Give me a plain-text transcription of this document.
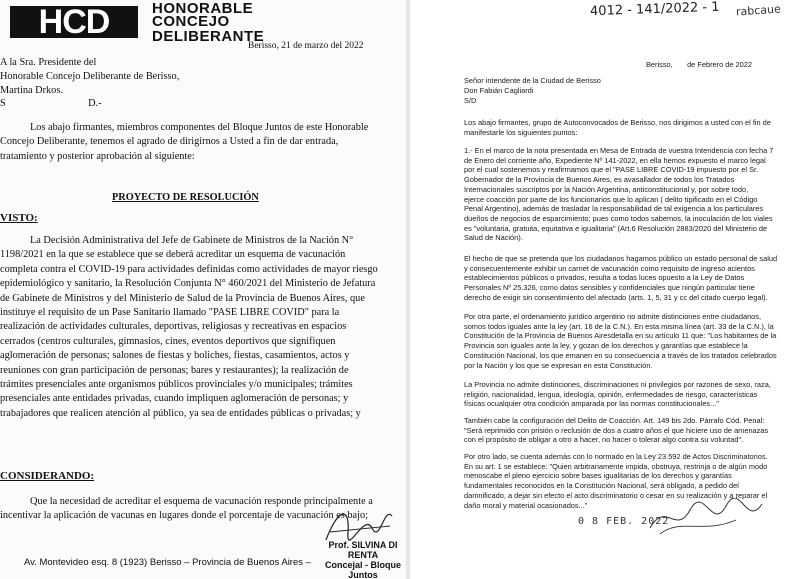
HCD	HONORABLE
CONCEJO
DELIBERANTE
Berisso, 21 de marzo del 2022
A la Sra. Presidente del
Honorable Concejo Deliberante de Berisso,
Martina Drkos.
S                                D.-
Los abajo firmantes, miembros componentes del Bloque Juntos de este Honorable
Concejo Deliberante, tenemos el agrado de dirigirnos a Usted a fin de dar entrada,
tratamiento y posterior aprobación al siguiente:
PROYECTO DE RESOLUCIÓN
VISTO:
La Decisión Administrativa del Jefe de Gabinete de Ministros de la Nación N°
1198/2021 en la que se establece que se deberá acreditar un esquema de vacunación
completa contra el COVID-19 para actividades definidas como actividades de mayor riesgo
epidemiológico y sanitario, la Resolución Conjunta N° 460/2021 del Ministerio de Jefatura
de Gabinete de Ministros y del Ministerio de Salud de la Provincia de Buenos Aires, que
instituye el requisito de un Pase Sanitario llamado "PASE LIBRE COVID" para la
realización de actividades culturales, deportivas, religiosas y recreativas en espacios
cerrados (centros culturales, gimnasios, cines, eventos deportivos que signifiquen
aglomeración de personas; salones de fiestas y boliches, fiestas, casamientos, actos y
reuniones con gran participación de personas; bares y restaurantes); la realización de
trámites presenciales ante organismos públicos provinciales y/o municipales; trámites
presenciales ante entidades privadas, cuando impliquen aglomeración de personas; y
trabajadores que realicen atención al público, ya sea de entidades públicas o privadas; y
CONSIDERANDO:
Que la necesidad de acreditar el esquema de vacunación responde principalmente a
incentivar la aplicación de vacunas en lugares donde el porcentaje de vacunación es bajo;
Prof. SILVINA DI RENTA
Concejal - Bloque Juntos
Av. Montevideo esq. 8 (1923) Berisso – Provincia de Buenos Aires –
4012 - 141/2022 - 1 rabcaue
Berisso,       de Febrero de 2022
Señor intendente de la Ciudad de Berisso
Don Fabián Cagliardi
S/D
Los abajo firmantes, grupo de Autoconvocados de Berisso, nos dirigimos a usted con el fin de
manifestarle los siguientes puntos:
1.- En el marco de la nota presentada en Mesa de Entrada de vuestra Intendencia con fecha 7
de Enero del corriente año, Expediente Nº 141-2022, en ella hemos expuesto el marco legal
por el cual sostenemos y reafirmamos que el "PASE LIBRE COVID-19 impuesto por el Sr.
Gobernador de la Provincia de Buenos Aires, es avasallador de todos los Tratados
Internacionales suscriptos por la Nación Argentina, anticonstitucional y, por sobre todo,
ejerce coacción por parte de los funcionarios que lo aplican ( delito tipificado en el Código
Penal Argentino), además de trasladar la responsabilidad de tal exigencia a los particulares
dueños de negocios de esparcimiento; pues como todos sabemos, la inoculación de los viales
es "voluntaria, gratuita, equitativa e igualitaria" (Art.6 Resolución 2883/2020 del Ministerio de
Salud de Nación).
El hecho de que se pretenda que los ciudadanos hagamos público un estado personal de salud
y consecuentemente exhibir un carnet de vacunación como requisito de ingreso acientos
establecimientos públicos o privados, resulta a todas luces opuesto a la Ley de Datos
Personales Nº 25.326, como datos sensibles y confidenciales que ningún particular tiene
derecho de exigir sin consentimiento del afectado (arts. 1, 5, 31 y cc del citado cuerpo legal).
Por otra parte, el ordenamiento jurídico argentino no admite distinciones entre ciudadanos,
somos todos iguales ante la ley (art. 16 de la C.N.). En esta misma línea (art. 33 de la C.N.), la
Constitución de la Provincia de Buenos Airesdetalla en su artículo 11 que: "Los habitantes de la
Provincia son iguales ante la ley, y gozan de los derechos y garantías que establece la
Constitución Nacional, los que emanen en su consecuencia a través de los tratados celebrados
por la Nación y los que se expresan en esta Constitución.
La Provincia no admite distinciones, discriminaciones ni privilegios por razones de sexo, raza,
religión, nacionalidad, lengua, ideología, opinión, enfermedades de riesgo, características
físicas ocualquier otra condición amparada por las normas constitucionales..."
También cabe la configuración del Delito de Coacción. Art. 149 bis 2do. Párrafo Cód. Penal:
"Será reprimido con prisión o reclusión de dos a cuatro años el que hiciere uso de amenazas
con el propósito de obligar a otro a hacer, no hacer o tolerar algo contra su voluntad".
Por otro lado, se cuenta además con lo normado en la Ley 23.592 de Actos Discriminatorios.
En su art. 1 se establece: "Quien arbitrariamente impida, obstruya, restrinja o de algún modo
menoscabe el pleno ejercicio sobre bases igualitarias de los derechos y garantías
fundamentales reconocidos en la Constitución Nacional, será obligado, a pedido del
damnificado, a dejar sin efecto el acto discriminatorio o cesar en su realización y a reparar el
daño moral y material ocasionados..."
0 8 FEB. 2022
